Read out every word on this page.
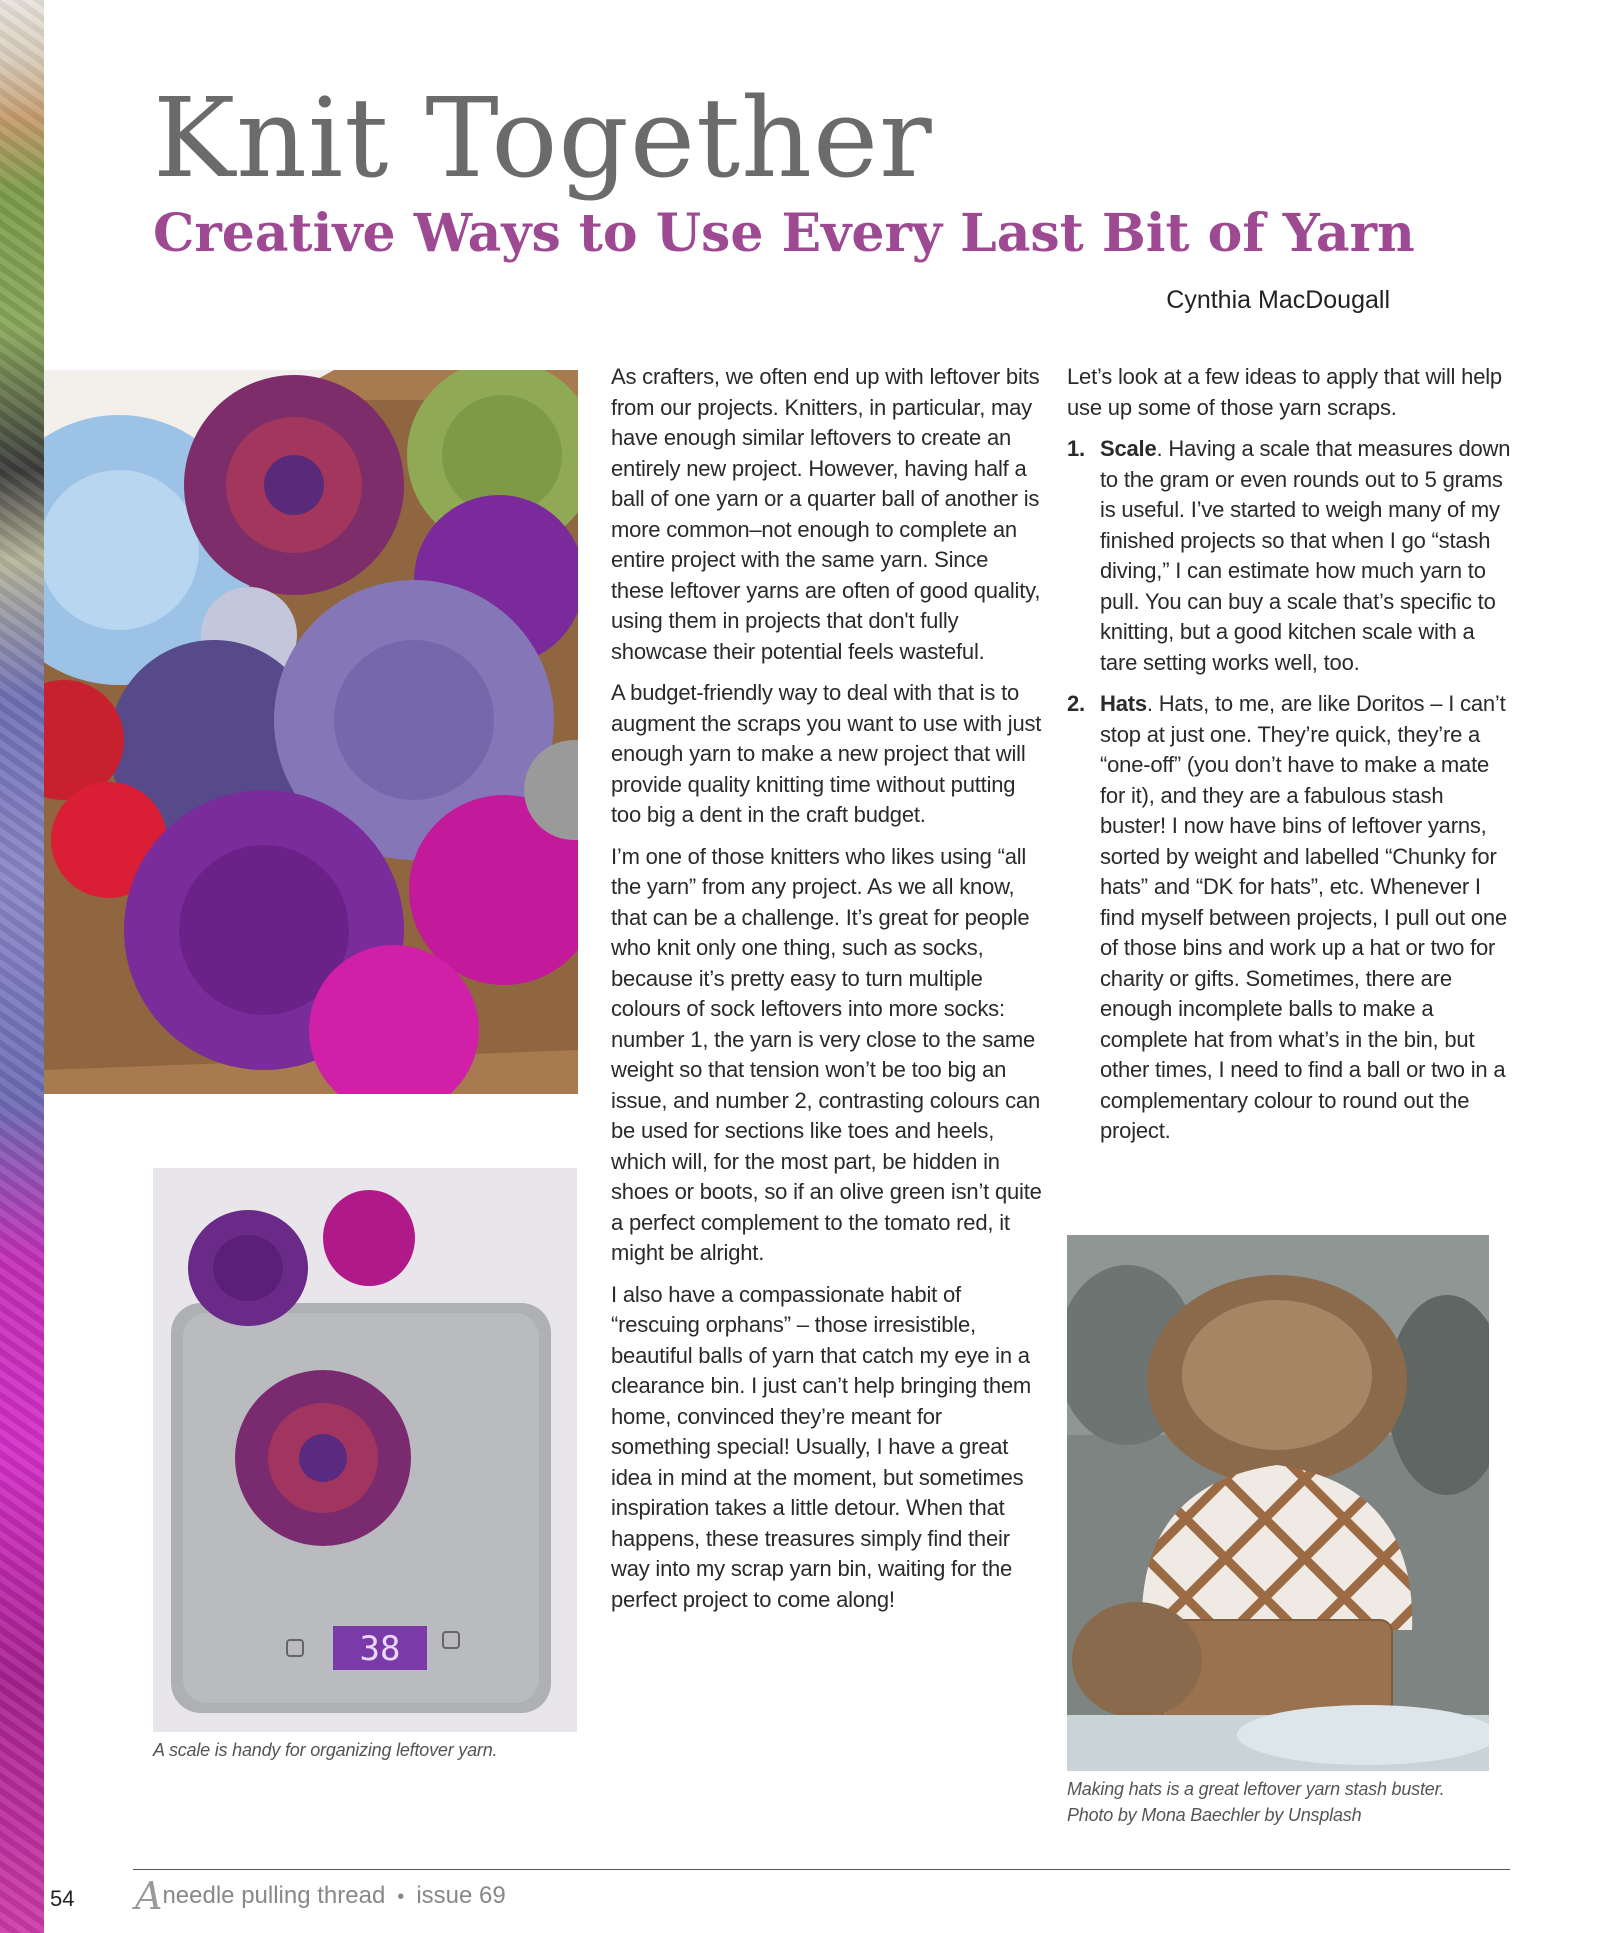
Knit Together
Creative Ways to Use Every Last Bit of Yarn
Cynthia MacDougall
38
A scale is handy for organizing leftover yarn.

As crafters, we often end up with leftover bits from our projects. Knitters, in particular, may have enough similar leftovers to create an entirely new project. However, having half a ball of one yarn or a quarter ball of another is more common–not enough to complete an entire project with the same yarn. Since these leftover yarns are often of good quality, using them in projects that don't fully showcase their potential feels wasteful.

A budget-friendly way to deal with that is to augment the scraps you want to use with just enough yarn to make a new project that will provide quality knitting time without putting too big a dent in the craft budget.

I’m one of those knitters who likes using “all the yarn” from any project. As we all know, that can be a challenge. It’s great for people who knit only one thing, such as socks, because it’s pretty easy to turn multiple colours of sock leftovers into more socks: number 1, the yarn is very close to the same weight so that tension won’t be too big an issue, and number 2, contrasting colours can be used for sections like toes and heels, which will, for the most part, be hidden in shoes or boots, so if an olive green isn’t quite a perfect complement to the tomato red, it might be alright.

I also have a compassionate habit of “rescuing orphans” – those irresistible, beautiful balls of yarn that catch my eye in a clearance bin. I just can’t help bringing them home, convinced they’re meant for something special! Usually, I have a great idea in mind at the moment, but sometimes inspiration takes a little detour. When that happens, these treasures simply find their way into my scrap yarn bin, waiting for the perfect project to come along!

Let’s look at a few ideas to apply that will help use up some of those yarn scraps.

1. Scale. Having a scale that measures down to the gram or even rounds out to 5 grams is useful. I’ve started to weigh many of my finished projects so that when I go “stash diving,” I can estimate how much yarn to pull. You can buy a scale that’s specific to knitting, but a good kitchen scale with a tare setting works well, too.
2. Hats. Hats, to me, are like Doritos – I can’t stop at just one. They’re quick, they’re a “one-off” (you don’t have to make a mate for it), and they are a fabulous stash buster! I now have bins of leftover yarns, sorted by weight and labelled “Chunky for hats” and “DK for hats”, etc. Whenever I find myself between projects, I pull out one of those bins and work up a hat or two for charity or gifts. Sometimes, there are enough incomplete balls to make a complete hat from what’s in the bin, but other times, I need to find a ball or two in a complementary colour to round out the project.
Making hats is a great leftover yarn stash buster.
Photo by Mona Baechler by Unsplash
54 Aneedle pulling thread • issue 69
